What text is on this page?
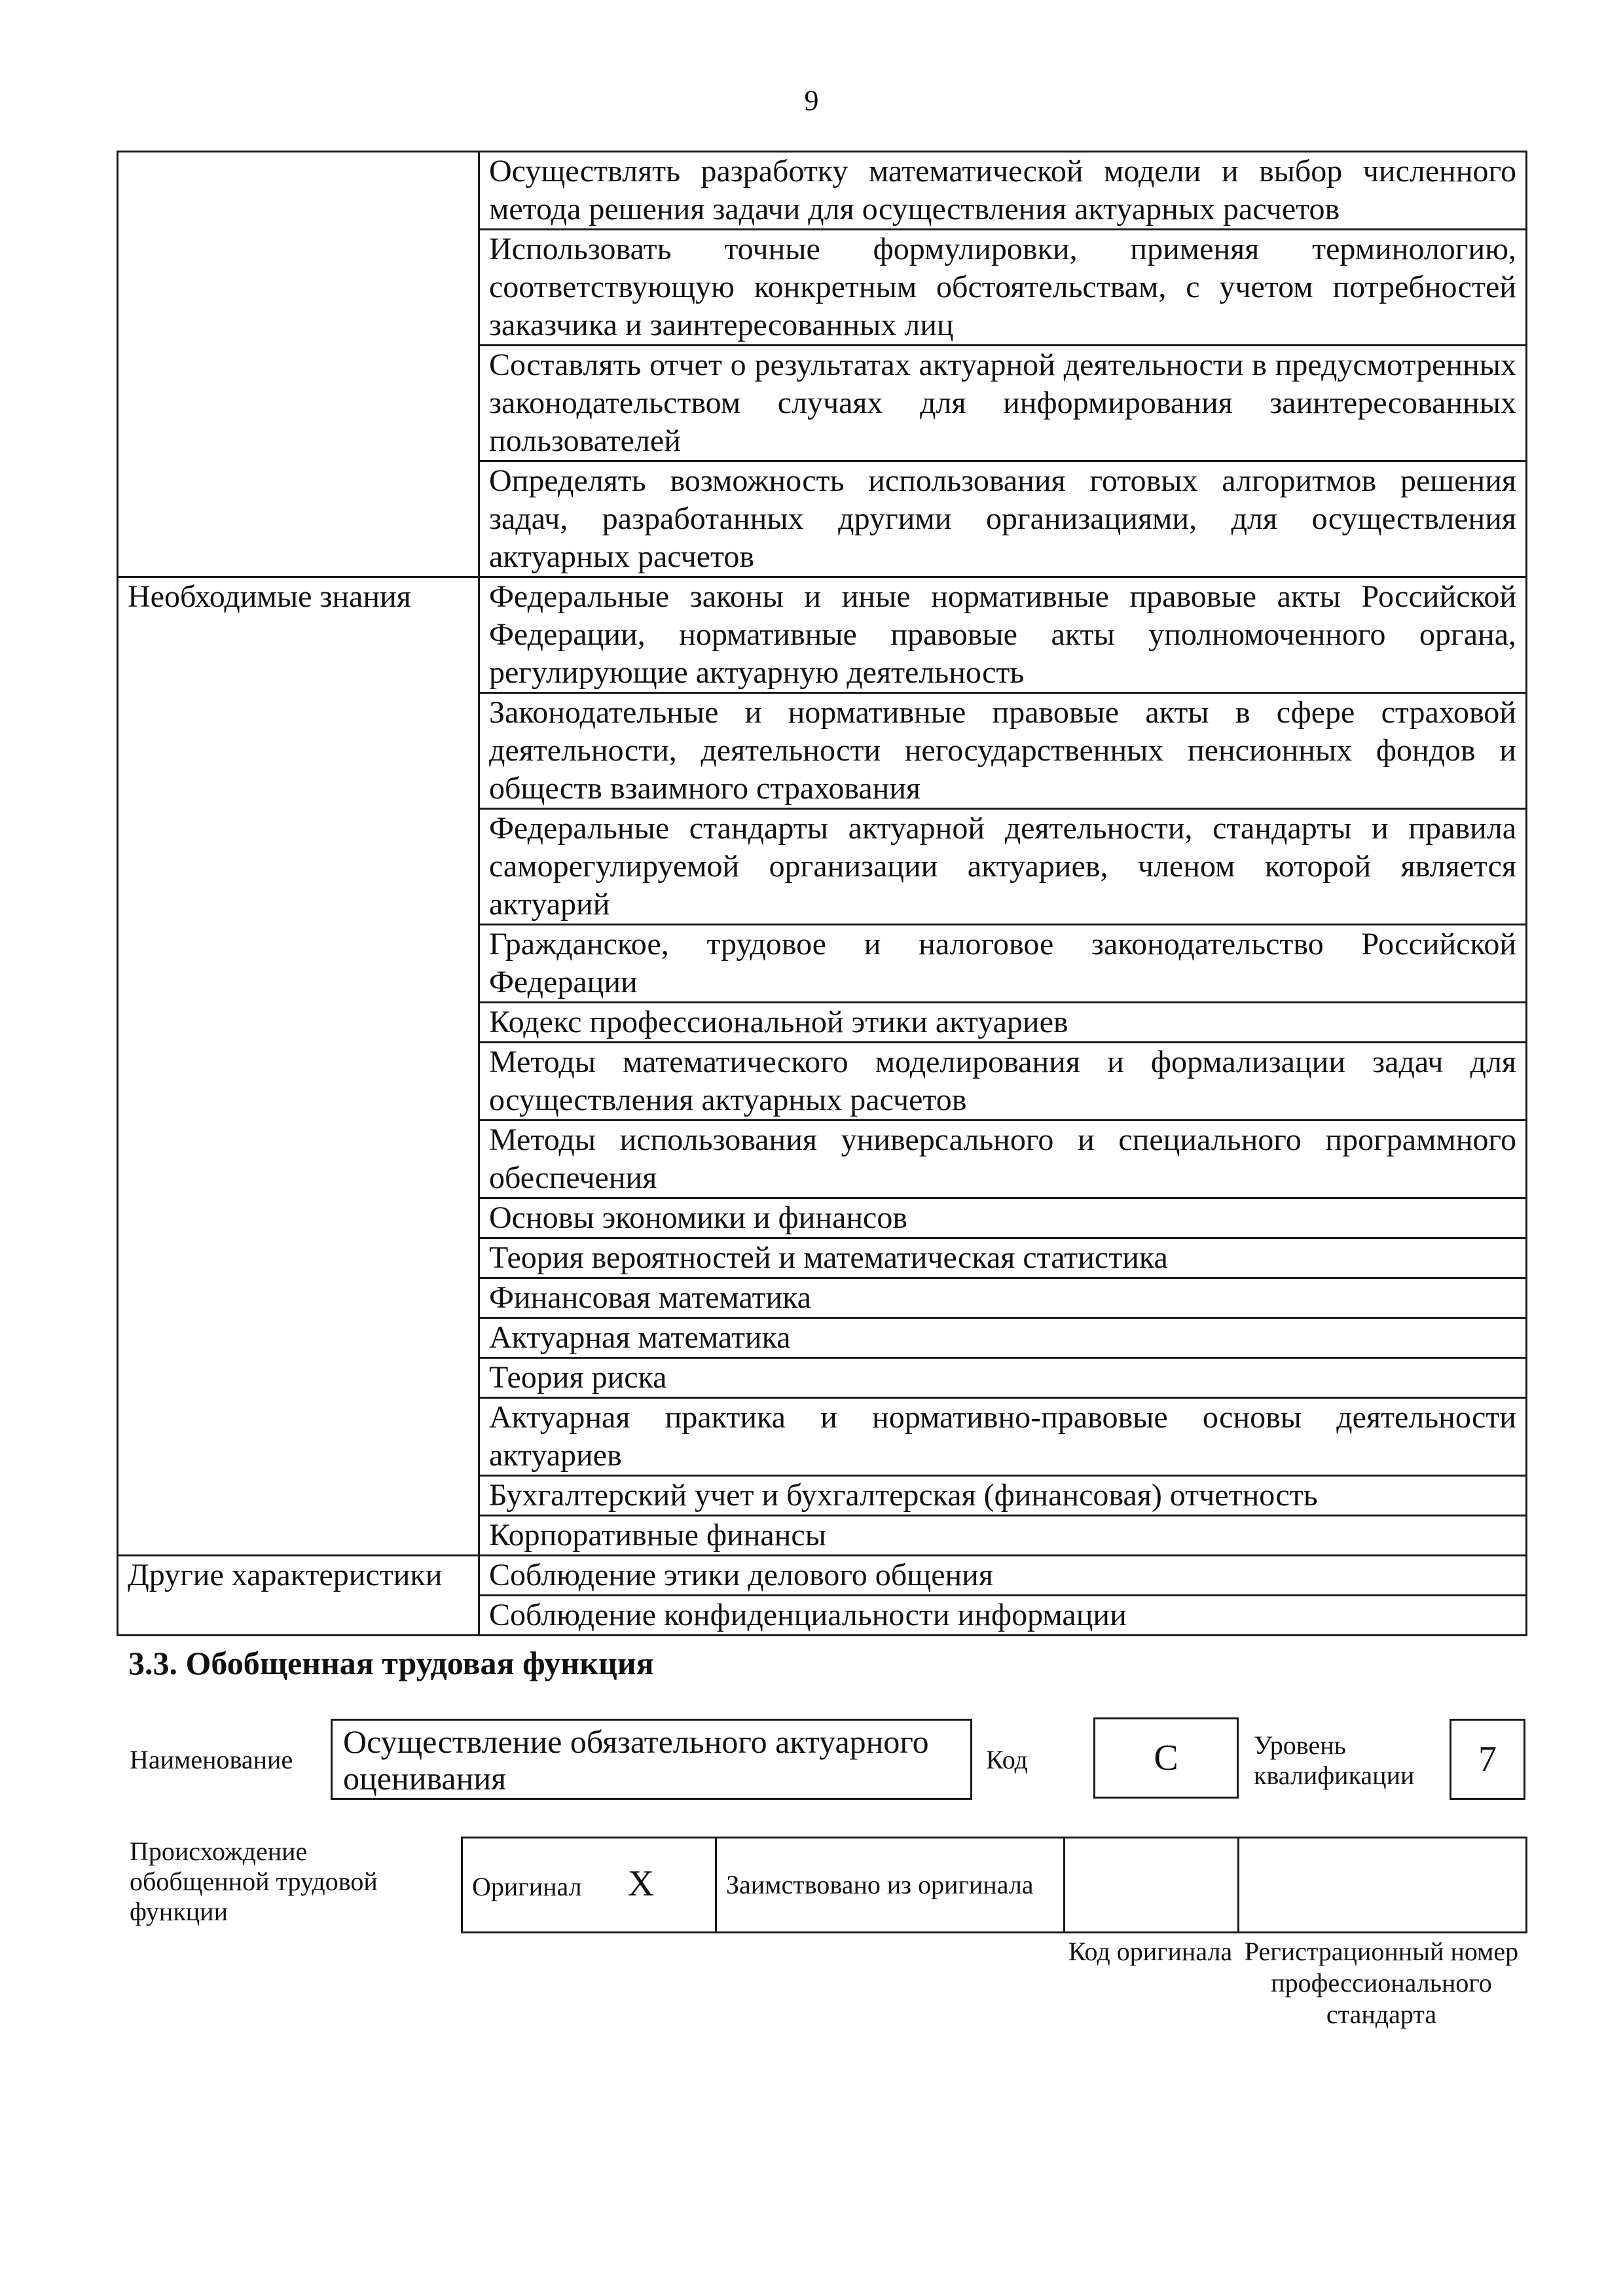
9
	Осуществлять разработку математической модели и выбор численного метода решения задачи для осуществления актуарных расчетов
	Использовать точные формулировки, применяя терминологию, соответствующую конкретным обстоятельствам, с учетом потребностей заказчика и заинтересованных лиц
	Составлять отчет о результатах актуарной деятельности в предусмотренных законодательством случаях для информирования заинтересованных пользователей
	Определять возможность использования готовых алгоритмов решения задач, разработанных другими организациями, для осуществления актуарных расчетов
Необходимые знания	Федеральные законы и иные нормативные правовые акты Российской Федерации, нормативные правовые акты уполномоченного органа, регулирующие актуарную деятельность
	Законодательные и нормативные правовые акты в сфере страховой деятельности, деятельности негосударственных пенсионных фондов и обществ взаимного страхования
	Федеральные стандарты актуарной деятельности, стандарты и правила саморегулируемой организации актуариев, членом которой является актуарий
	Гражданское, трудовое и налоговое законодательство Российской Федерации
	Кодекс профессиональной этики актуариев
	Методы математического моделирования и формализации задач для осуществления актуарных расчетов
	Методы использования универсального и специального программного обеспечения
	Основы экономики и финансов
	Теория вероятностей и математическая статистика
	Финансовая математика
	Актуарная математика
	Теория риска
	Актуарная практика и нормативно-правовые основы деятельности актуариев
	Бухгалтерский учет и бухгалтерская (финансовая) отчетность
	Корпоративные финансы
Другие характеристики	Соблюдение этики делового общения
	Соблюдение конфиденциальности информации
3.3. Обобщенная трудовая функция
Наименование	Осуществление обязательного актуарного оценивания
Код	С	Уровень квалификации	7
Происхождение обобщенной трудовой функции
Оригинал X	Заимствовано из оригинала		
Код оригинала Регистрационный номер профессионального стандарта
